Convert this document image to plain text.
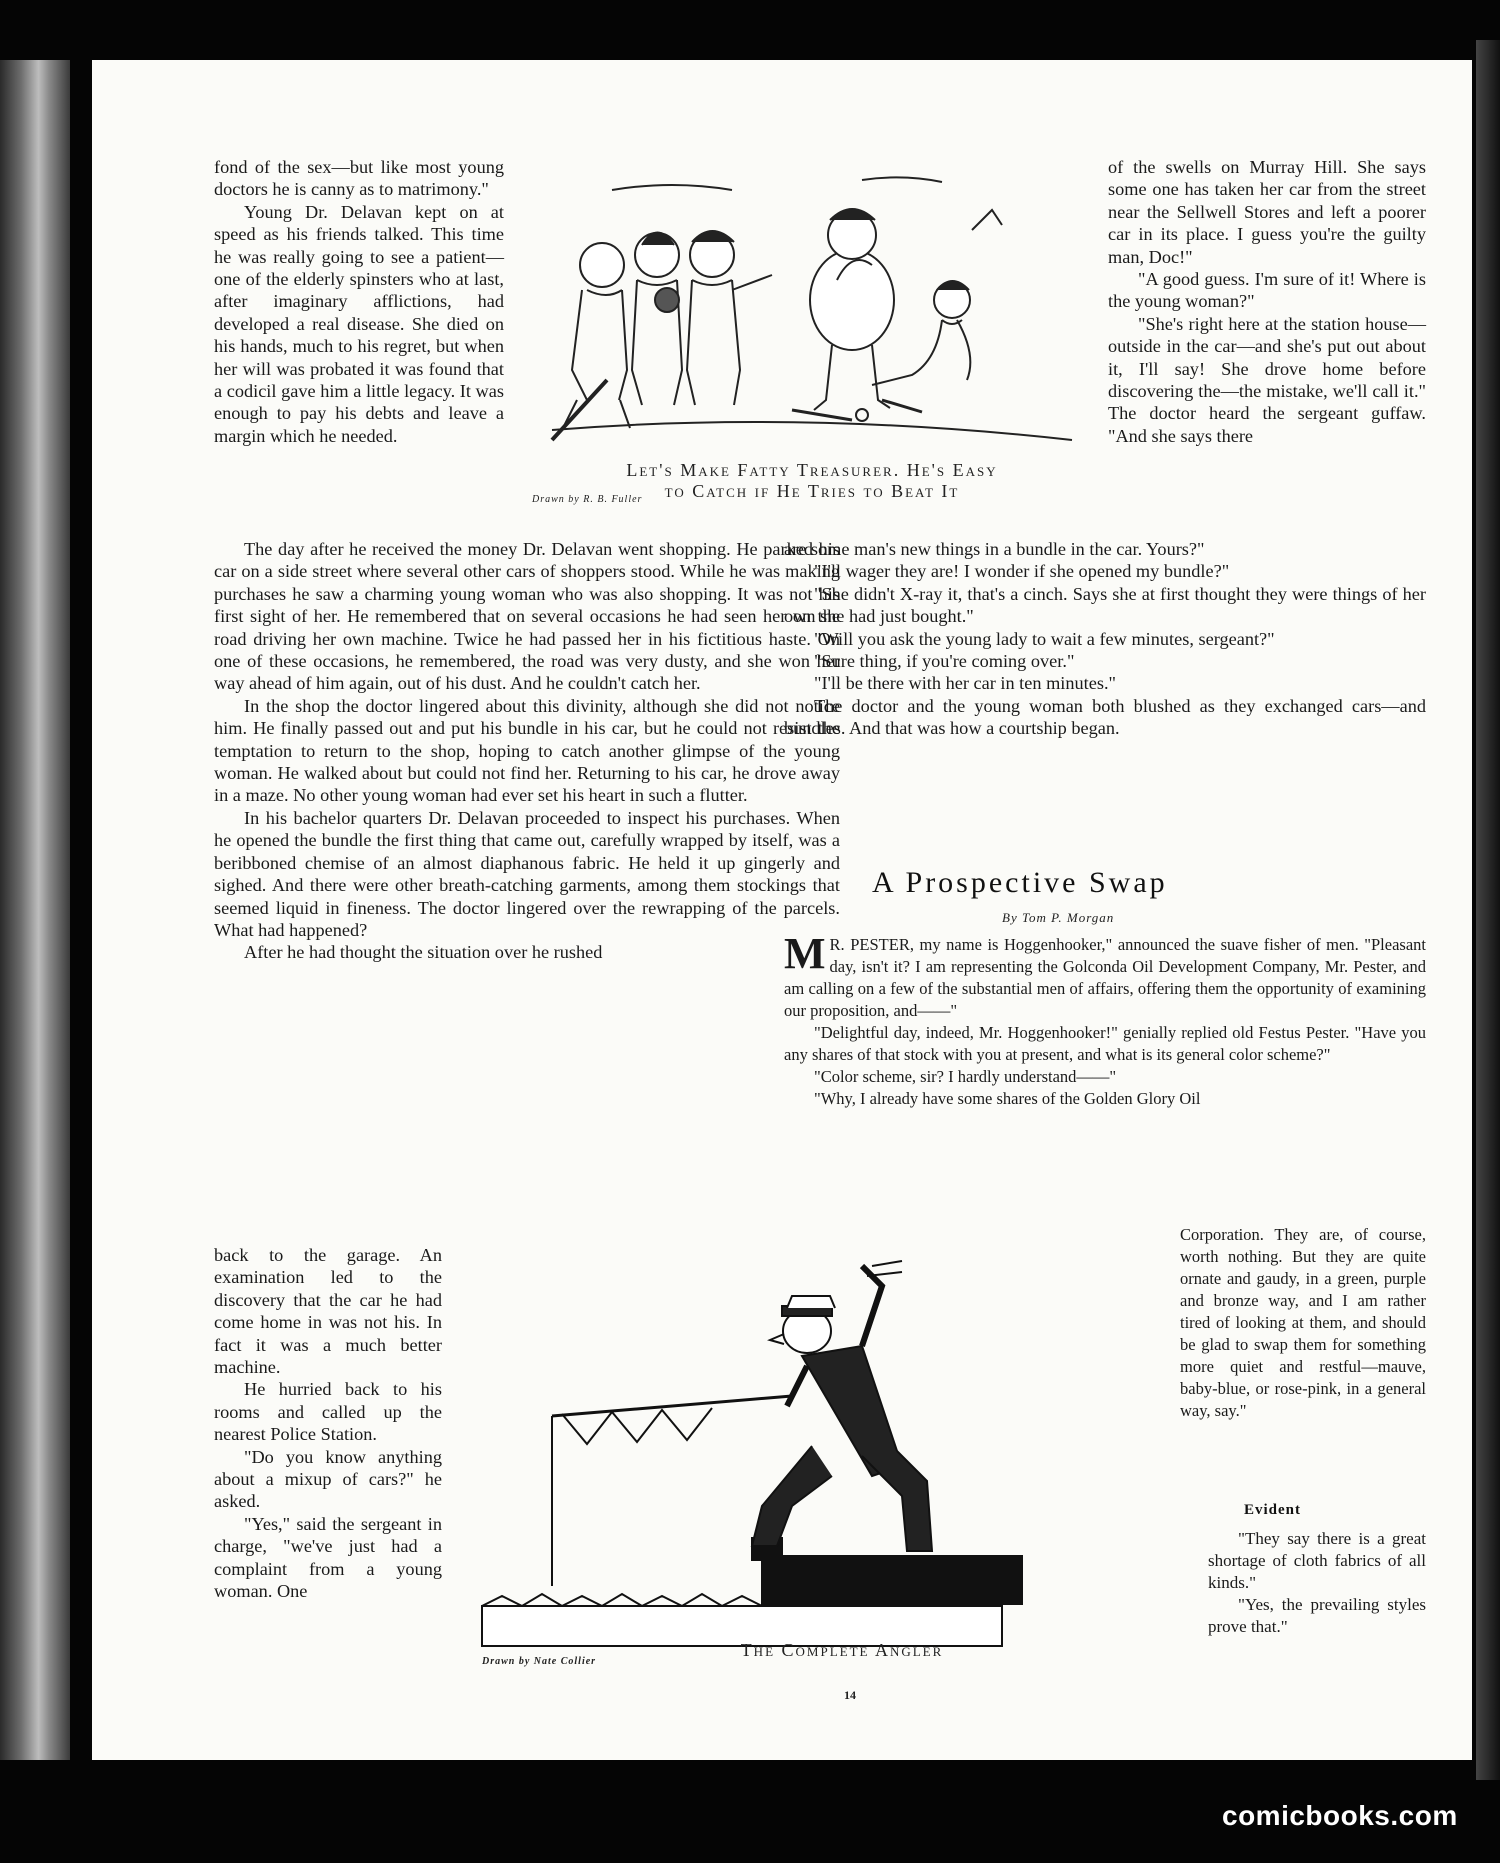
fond of the sex—but like most young doctors he is canny as to matrimony."

Young Dr. Delavan kept on at speed as his friends talked. This time he was really going to see a patient—one of the elderly spinsters who at last, after imaginary afflictions, had developed a real disease. She died on his hands, much to his regret, but when her will was probated it was found that a codicil gave him a little legacy. It was enough to pay his debts and leave a margin which he needed.

Drawn by R. B. Fuller
Let's Make Fatty Treasurer. He's Easy
to Catch if He Tries to Beat It

of the swells on Murray Hill. She says some one has taken her car from the street near the Sellwell Stores and left a poorer car in its place. I guess you're the guilty man, Doc!"

"A good guess. I'm sure of it! Where is the young woman?"

"She's right here at the station house—outside in the car—and she's put out about it, I'll say! She drove home before discovering the—the mistake, we'll call it." The doctor heard the sergeant guffaw. "And she says there

The day after he received the money Dr. Delavan went shopping. He parked his car on a side street where several other cars of shoppers stood. While he was making purchases he saw a charming young woman who was also shopping. It was not his first sight of her. He remembered that on several occasions he had seen her on the road driving her own machine. Twice he had passed her in his fictitious haste. On one of these occasions, he remembered, the road was very dusty, and she won her way ahead of him again, out of his dust. And he couldn't catch her.

In the shop the doctor lingered about this divinity, although she did not notice him. He finally passed out and put his bundle in his car, but he could not resist the temptation to return to the shop, hoping to catch another glimpse of the young woman. He walked about but could not find her. Returning to his car, he drove away in a maze. No other young woman had ever set his heart in such a flutter.

In his bachelor quarters Dr. Delavan proceeded to inspect his purchases. When he opened the bundle the first thing that came out, carefully wrapped by itself, was a beribboned chemise of an almost diaphanous fabric. He held it up gingerly and sighed. And there were other breath-catching garments, among them stockings that seemed liquid in fineness. The doctor lingered over the rewrapping of the parcels. What had happened?

After he had thought the situation over he rushed

are some man's new things in a bundle in the car. Yours?"

"I'll wager they are! I wonder if she opened my bundle?"

"She didn't X-ray it, that's a cinch. Says she at first thought they were things of her own she had just bought."

"Will you ask the young lady to wait a few minutes, sergeant?"

"Sure thing, if you're coming over."

"I'll be there with her car in ten minutes."

The doctor and the young woman both blushed as they exchanged cars—and bundles. And that was how a courtship began.

A Prospective Swap
By Tom P. Morgan

M R. PESTER, my name is Hoggenhooker," announced the suave fisher of men. "Pleasant day, isn't it? I am representing the Golconda Oil Development Company, Mr. Pester, and am calling on a few of the substantial men of affairs, offering them the opportunity of examining our proposition, and——"

"Delightful day, indeed, Mr. Hoggenhooker!" genially replied old Festus Pester. "Have you any shares of that stock with you at present, and what is its general color scheme?"

"Color scheme, sir? I hardly understand——"

"Why, I already have some shares of the Golden Glory Oil

back to the garage. An examination led to the discovery that the car he had come home in was not his. In fact it was a much better machine.

He hurried back to his rooms and called up the nearest Police Station.

"Do you know anything about a mixup of cars?" he asked.

"Yes," said the sergeant in charge, "we've just had a complaint from a young woman. One

Drawn by Nate Collier

Corporation. They are, of course, worth nothing. But they are quite ornate and gaudy, in a green, purple and bronze way, and I am rather tired of looking at them, and should be glad to swap them for something more quiet and restful—mauve, baby-blue, or rose-pink, in a general way, say."

Evident

"They say there is a great shortage of cloth fabrics of all kinds."

"Yes, the prevailing styles prove that."

The Complete Angler
14
comicbooks.com
